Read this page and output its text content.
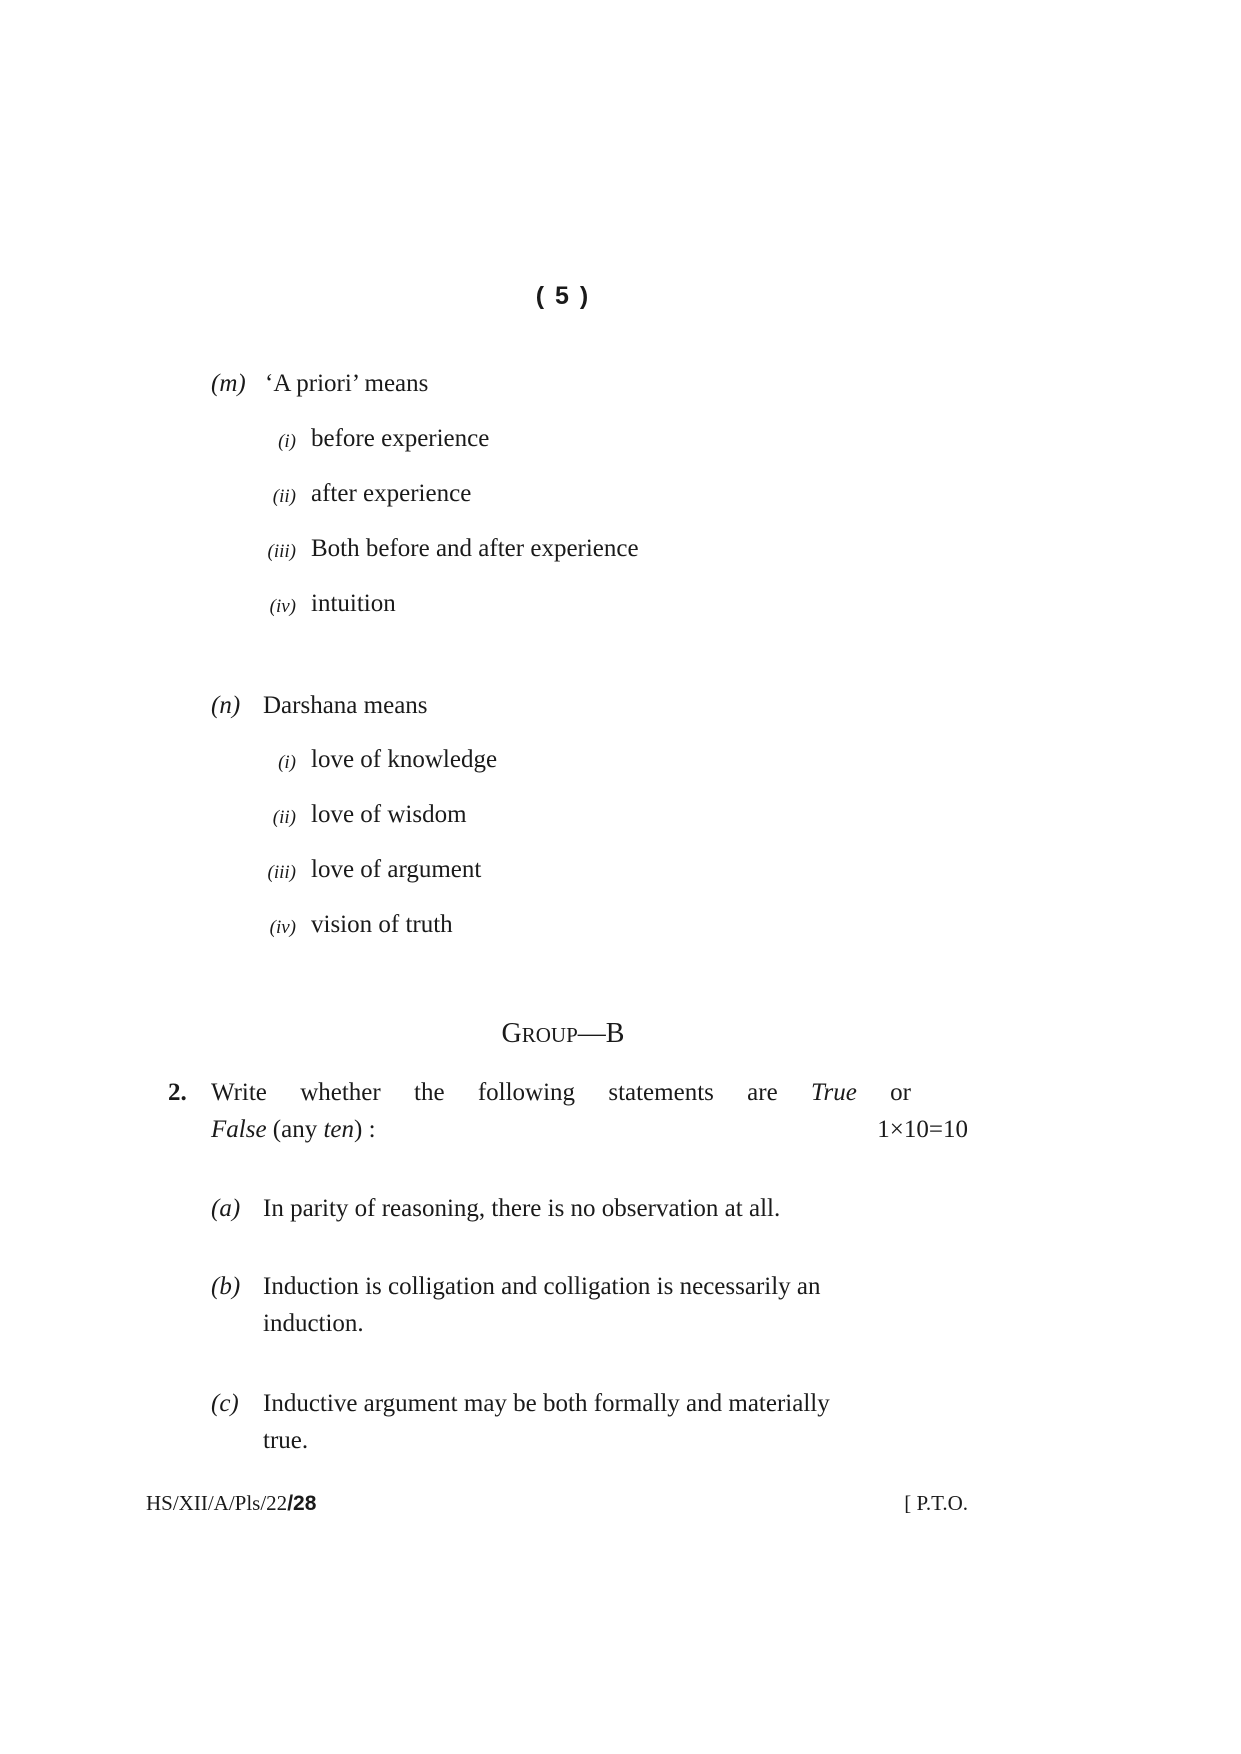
( 5 )
(m) ‘A priori’ means
(i) before experience
(ii) after experience
(iii) Both before and after experience
(iv) intuition
(n) Darshana means
(i) love of knowledge
(ii) love of wisdom
(iii) love of argument
(iv) vision of truth
GROUP—B
2. Write whether the following statements are True or
False (any ten) :	1×10=10
(a) In parity of reasoning, there is no observation at all.
(b) Induction is colligation and colligation is necessarily an
induction.
(c) Inductive argument may be both formally and materially
true.
HS/XII/A/Pls/22/28	[ P.T.O.
